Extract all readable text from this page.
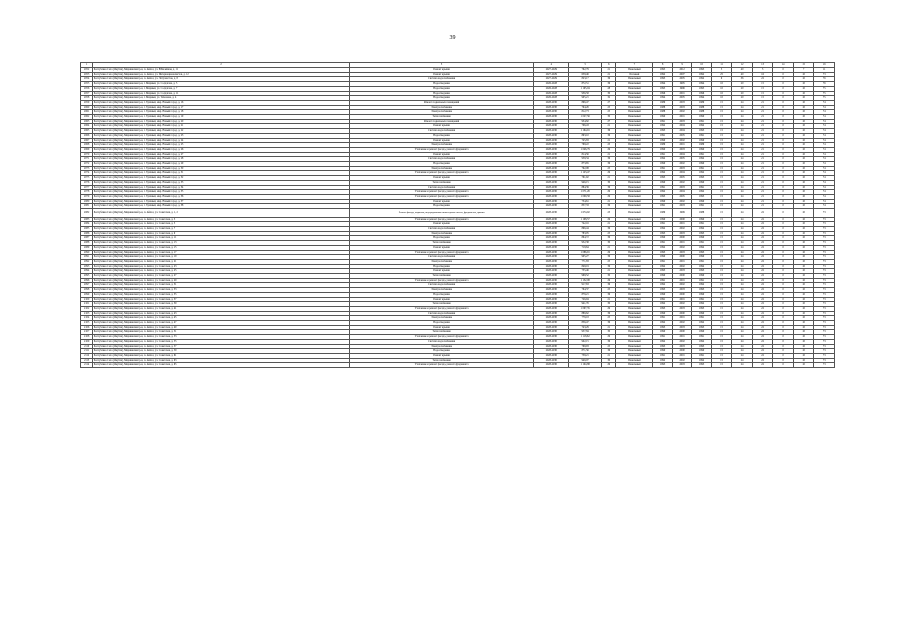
39
1	2	3	4	5	6	7	8	9	10	11	12	13	14	15	16
2052	Республика Саха (Якутия), Мирнинский р-н, п. Айхал, ул. Юбилейная, д. 11	Ремонт крыши	2027-2029	762,79	21	Панельный	1995	2012	1993	5	40	3	0	7	11
2053	Республика Саха (Якутия), Мирнинский р-н, п. Айхал, ул. Интернационалистов, д. 12	Ремонт крыши	2027-2029	658,46	21	Блочный	1992	2007	1992	25	40	16	0	10	73
2054	Республика Саха (Якутия), Мирнинский р-н, п. Айхал, ул. Энтузиастов, д. 8	Система водоснабжения	2027-2029	823,17	36	Панельный	1993	2005	1992	9	36	22	0	10	76
2055	Республика Саха (Якутия), Мирнинский р-н, г. Мирный, ул. Солдатова, д. 5	Водоотведение	2026-2028	872,51	36	Панельный	1994	1995	1994	10	20	15	0	10	76
2056	Республика Саха (Якутия), Мирнинский р-н, г. Мирный, ул. Солдатова, д. 7	Водоотведение	2026-2028	1 195,04	28	Панельный	1995	1996	1995	10	20	15	0	10	75
2057	Республика Саха (Якутия), Мирнинский р-н, г. Мирный, ул. Солдатова, д. 11	Водоотведение	2026-2028	936,58	30	Панельный	1996	2001	1996	10	20	15	0	10	75
2058	Республика Саха (Якутия), Мирнинский р-н, г. Мирный, ул. Тихонова, д. 4	Водоотведение	2026-2028	905,21	32	Панельный	1994	2005	1994	10	20	15	0	10	75
2059	Республика Саха (Якутия), Мирнинский р-н, г. Удачный, мкр. Новый город, д. 16	Ремонт подвальных помещений	2028-2030	896,47	27	Панельный	1989	2003	1989	15	24	21	0	10	74
2060	Республика Саха (Якутия), Мирнинский р-н, г. Удачный, мкр. Новый город, д. 17	Электроснабжение	2028-2030	794,26	25	Панельный	1988	2003	1988	15	24	21	0	10	74
2061	Республика Саха (Якутия), Мирнинский р-н, г. Удачный, мкр. Новый город, д. 18	Электроснабжение	2028-2030	812,73	25	Панельный	1988	2002	1988	15	24	21	0	10	74
2062	Республика Саха (Якутия), Мирнинский р-н, г. Удачный, мкр. Новый город, д. 19	Теплоснабжение	2028-2030	1 027,56	30	Панельный	1990	2001	1990	15	24	21	0	10	74
2063	Республика Саха (Якутия), Мирнинский р-н, г. Удачный, мкр. Новый город, д. 20	Ремонт подвальных помещений	2028-2030	934,82	27	Панельный	1991	2003	1991	15	24	21	0	10	74
2064	Республика Саха (Якутия), Мирнинский р-н, г. Удачный, мкр. Новый город, д. 21	Ремонт крыши	2028-2030	706,43	21	Панельный	1992	2004	1992	15	24	21	0	10	74
2065	Республика Саха (Якутия), Мирнинский р-н, г. Удачный, мкр. Новый город, д. 22	Система водоснабжения	2028-2030	1 164,91	36	Панельный	1993	2004	1993	15	24	21	0	10	74
2066	Республика Саха (Якутия), Мирнинский р-н, г. Удачный, мкр. Новый город, д. 23	Водоотведение	2028-2030	893,10	36	Панельный	1991	2005	1991	15	24	21	0	10	74
2067	Республика Саха (Якутия), Мирнинский р-н, г. Удачный, мкр. Новый город, д. 24	Ремонт крыши	2028-2030	745,83	21	Панельный	1990	2002	1990	15	24	21	0	10	74
2068	Республика Саха (Якутия), Мирнинский р-н, г. Удачный, мкр. Новый город, д. 25	Электроснабжение	2028-2030	768,22	25	Панельный	1989	2001	1989	15	24	21	0	10	74
2069	Республика Саха (Якутия), Мирнинский р-н, г. Удачный, мкр. Новый город, д. 26	Утепление и ремонт фасада, ремонт фундамента	2028-2030	1 046,79	29	Панельный	1990	2003	1990	15	24	21	0	10	74
2070	Республика Саха (Якутия), Мирнинский р-н, г. Удачный, мкр. Новый город, д. 27	Ремонт крыши	2028-2030	814,56	21	Панельный	1991	2004	1991	15	24	21	0	10	74
2071	Республика Саха (Якутия), Мирнинский р-н, г. Удачный, мкр. Новый город, д. 28	Система водоснабжения	2028-2030	958,34	36	Панельный	1992	2005	1992	15	24	21	0	10	74
2072	Республика Саха (Якутия), Мирнинский р-н, г. Удачный, мкр. Новый город, д. 29	Водоотведение	2028-2030	873,65	36	Панельный	1990	2002	1990	15	24	21	0	10	74
2073	Республика Саха (Якутия), Мирнинский р-н, г. Удачный, мкр. Новый город, д. 30	Электроснабжение	2028-2030	792,08	25	Панельный	1991	2003	1991	15	24	21	0	10	74
2074	Республика Саха (Якутия), Мирнинский р-н, г. Удачный, мкр. Новый город, д. 31	Утепление и ремонт фасада, ремонт фундамента	2028-2030	1 123,47	29	Панельный	1992	2004	1992	15	24	21	0	10	74
2075	Республика Саха (Якутия), Мирнинский р-н, г. Удачный, мкр. Новый город, д. 32	Ремонт крыши	2028-2030	761,92	21	Панельный	1993	2005	1993	15	24	21	0	10	74
2076	Республика Саха (Якутия), Мирнинский р-н, г. Удачный, мкр. Новый город, д. 33	Теплоснабжение	2028-2030	946,15	30	Панельный	1990	2002	1990	15	24	21	0	10	74
2077	Республика Саха (Якутия), Мирнинский р-н, г. Удачный, мкр. Новый город, д. 34	Система водоснабжения	2028-2030	884,39	36	Панельный	1991	2003	1991	15	24	21	0	10	74
2078	Республика Саха (Якутия), Мирнинский р-н, г. Удачный, мкр. Новый город, д. 35	Утепление и ремонт фасада, ремонт фундамента	2028-2030	1 071,26	29	Панельный	1992	2004	1992	15	24	21	0	10	74
2079	Республика Саха (Якутия), Мирнинский р-н, г. Удачный, мкр. Новый город, д. 36	Утепление и ремонт фасада, ремонт фундамента	2028-2030	1 009,58	29	Панельный	1993	2005	1993	15	24	21	0	10	74
2080	Республика Саха (Якутия), Мирнинский р-н, г. Удачный, мкр. Новый город, д. 37	Ремонт крыши	2028-2030	734,61	21	Панельный	1990	2002	1990	15	24	21	0	10	74
2081	Республика Саха (Якутия), Мирнинский р-н, г. Удачный, мкр. Новый город, д. 38	Водоотведение	2028-2030	857,33	36	Панельный	1991	2003	1991	15	24	21	0	10	74
2082	Республика Саха (Якутия), Мирнинский р-н, п. Айхал, ул. Советская, д. 1, 2	Ремонт фасада, подвалов, внутридомовых инженерных систем, фундамента, крыши	2028-2030	1 674,92	23	Панельный	1989	1999	1988	15	24	22	0	10	73
2083	Республика Саха (Якутия), Мирнинский р-н, п. Айхал, ул. Советская, д. 3	Утепление и ремонт фасада, ремонт фундамента	2028-2030	1 108,57	29	Панельный	1990	2000	1990	15	24	22	0	10	73
2084	Республика Саха (Якутия), Мирнинский р-н, п. Айхал, ул. Советская, д. 5	Ремонт крыши	2028-2030	742,16	21	Панельный	1991	2001	1991	15	24	22	0	10	73
2085	Республика Саха (Якутия), Мирнинский р-н, п. Айхал, ул. Советская, д. 7	Система водоснабжения	2028-2030	896,44	36	Панельный	1992	2002	1992	15	24	22	0	10	73
2086	Республика Саха (Якутия), Мирнинский р-н, п. Айхал, ул. Советская, д. 9	Электроснабжение	2028-2030	783,05	25	Панельный	1993	2003	1993	15	24	22	0	10	73
2087	Республика Саха (Якутия), Мирнинский р-н, п. Айхал, ул. Советская, д. 11	Водоотведение	2028-2030	864,72	36	Панельный	1990	2000	1990	15	24	22	0	10	73
2088	Республика Саха (Якутия), Мирнинский р-н, п. Айхал, ул. Советская, д. 13	Теплоснабжение	2028-2030	952,38	30	Панельный	1991	2001	1991	15	24	22	0	10	73
2089	Республика Саха (Якутия), Мирнинский р-н, п. Айхал, ул. Советская, д. 15	Ремонт крыши	2028-2030	718,64	21	Панельный	1992	2002	1992	15	24	22	0	10	73
2090	Республика Саха (Якутия), Мирнинский р-н, п. Айхал, ул. Советская, д. 17	Утепление и ремонт фасада, ремонт фундамента	2028-2030	1 086,91	29	Панельный	1993	2003	1993	15	24	22	0	10	73
2091	Республика Саха (Якутия), Мирнинский р-н, п. Айхал, ул. Советская, д. 19	Система водоснабжения	2028-2030	905,27	36	Панельный	1990	2000	1990	15	24	22	0	10	73
2092	Республика Саха (Якутия), Мирнинский р-н, п. Айхал, ул. Советская, д. 21	Электроснабжение	2028-2030	771,83	25	Панельный	1991	2001	1991	15	24	22	0	10	73
2093	Республика Саха (Якутия), Мирнинский р-н, п. Айхал, ул. Советская, д. 23	Водоотведение	2028-2030	848,19	36	Панельный	1992	2002	1992	15	24	22	0	10	73
2094	Республика Саха (Якутия), Мирнинский р-н, п. Айхал, ул. Советская, д. 25	Ремонт крыши	2028-2030	735,46	21	Панельный	1993	2003	1993	15	24	22	0	10	73
2095	Республика Саха (Якутия), Мирнинский р-н, п. Айхал, ул. Советская, д. 27	Теплоснабжение	2028-2030	968,52	30	Панельный	1990	2000	1990	15	24	22	0	10	73
2096	Республика Саха (Якутия), Мирнинский р-н, п. Айхал, ул. Советская, д. 29	Утепление и ремонт фасада, ремонт фундамента	2028-2030	1 132,08	29	Панельный	1991	2001	1991	15	24	22	0	10	73
2097	Республика Саха (Якутия), Мирнинский р-н, п. Айхал, ул. Советская, д. 31	Система водоснабжения	2028-2030	917,63	36	Панельный	1992	2002	1992	15	24	22	0	10	73
2098	Республика Саха (Якутия), Мирнинский р-н, п. Айхал, ул. Советская, д. 33	Электроснабжение	2028-2030	764,37	25	Панельный	1993	2003	1993	15	24	22	0	10	73
2099	Республика Саха (Якутия), Мирнинский р-н, п. Айхал, ул. Советская, д. 35	Водоотведение	2028-2030	879,21	36	Панельный	1990	2000	1990	15	24	22	0	10	73
2100	Республика Саха (Якутия), Мирнинский р-н, п. Айхал, ул. Советская, д. 37	Ремонт крыши	2028-2030	726,94	21	Панельный	1991	2001	1991	15	24	22	0	10	73
2101	Республика Саха (Якутия), Мирнинский р-н, п. Айхал, ул. Советская, д. 39	Теплоснабжение	2028-2030	941,76	30	Панельный	1992	2002	1992	15	24	22	0	10	73
2102	Республика Саха (Якутия), Мирнинский р-н, п. Айхал, ул. Советская, д. 41	Утепление и ремонт фасада, ремонт фундамента	2028-2030	1 097,35	29	Панельный	1993	2003	1993	15	24	22	0	10	73
2103	Республика Саха (Якутия), Мирнинский р-н, п. Айхал, ул. Советская, д. 43	Система водоснабжения	2028-2030	889,62	36	Панельный	1990	2000	1990	15	24	22	0	10	73
2104	Республика Саха (Якутия), Мирнинский р-н, п. Айхал, ул. Советская, д. 45	Электроснабжение	2028-2030	779,18	25	Панельный	1991	2001	1991	15	24	22	0	10	73
2105	Республика Саха (Якутия), Мирнинский р-н, п. Айхал, ул. Советская, д. 47	Водоотведение	2028-2030	856,47	36	Панельный	1992	2002	1992	15	24	22	0	10	73
2106	Республика Саха (Якутия), Мирнинский р-н, п. Айхал, ул. Советская, д. 49	Ремонт крыши	2028-2030	743,29	21	Панельный	1993	2003	1993	15	24	22	0	10	73
2107	Республика Саха (Якутия), Мирнинский р-н, п. Айхал, ул. Советская, д. 51	Теплоснабжение	2028-2030	957,84	30	Панельный	1990	2000	1990	15	24	22	0	10	73
2108	Республика Саха (Якутия), Мирнинский р-н, п. Айхал, ул. Советская, д. 53	Утепление и ремонт фасада, ремонт фундамента	2028-2030	1 118,62	29	Панельный	1991	2001	1991	15	24	22	0	10	73
2109	Республика Саха (Якутия), Мирнинский р-н, п. Айхал, ул. Советская, д. 55	Система водоснабжения	2028-2030	902,15	36	Панельный	1992	2002	1992	15	24	22	0	10	73
2110	Республика Саха (Якутия), Мирнинский р-н, п. Айхал, ул. Советская, д. 57	Электроснабжение	2028-2030	768,93	25	Панельный	1993	2003	1993	15	24	22	0	10	73
2111	Республика Саха (Якутия), Мирнинский р-н, п. Айхал, ул. Советская, д. 59	Водоотведение	2028-2030	871,56	36	Панельный	1990	2000	1990	15	24	22	0	10	73
2112	Республика Саха (Якутия), Мирнинский р-н, п. Айхал, ул. Советская, д. 61	Ремонт крыши	2028-2030	738,21	21	Панельный	1991	2001	1991	15	24	22	0	10	73
2113	Республика Саха (Якутия), Мирнинский р-н, п. Айхал, ул. Советская, д. 63	Теплоснабжение	2028-2030	949,07	30	Панельный	1992	2002	1992	15	24	22	0	10	73
2114	Республика Саха (Якутия), Мирнинский р-н, п. Айхал, ул. Советская, д. 65	Утепление и ремонт фасада, ремонт фундамента	2028-2030	1 104,88	29	Панельный	1993	2003	1993	15	24	22	0	10	73
